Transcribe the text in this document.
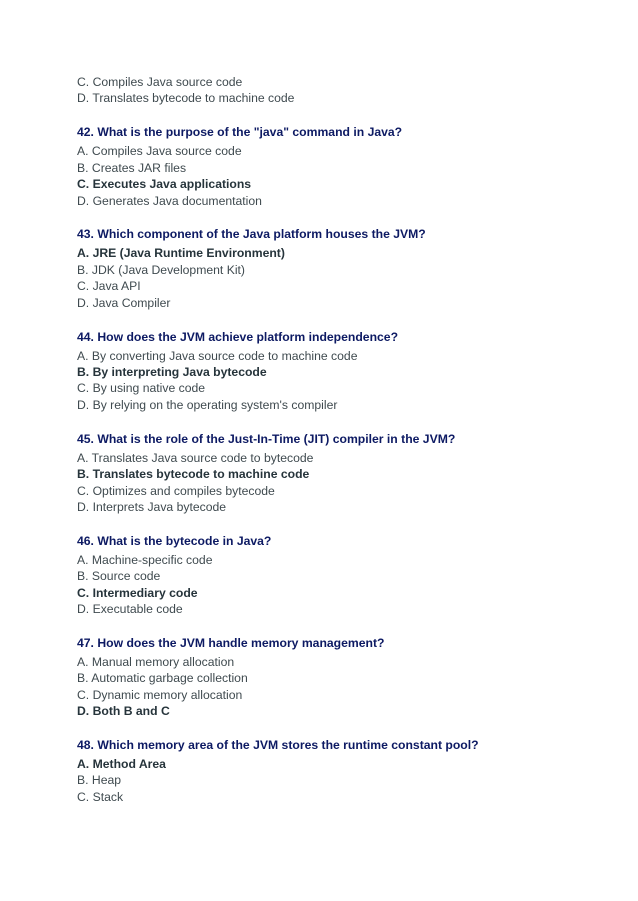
C. Compiles Java source code
D. Translates bytecode to machine code
42. What is the purpose of the "java" command in Java?
A. Compiles Java source code
B. Creates JAR files
C. Executes Java applications
D. Generates Java documentation
43. Which component of the Java platform houses the JVM?
A. JRE (Java Runtime Environment)
B. JDK (Java Development Kit)
C. Java API
D. Java Compiler
44. How does the JVM achieve platform independence?
A. By converting Java source code to machine code
B. By interpreting Java bytecode
C. By using native code
D. By relying on the operating system's compiler
45. What is the role of the Just-In-Time (JIT) compiler in the JVM?
A. Translates Java source code to bytecode
B. Translates bytecode to machine code
C. Optimizes and compiles bytecode
D. Interprets Java bytecode
46. What is the bytecode in Java?
A. Machine-specific code
B. Source code
C. Intermediary code
D. Executable code
47. How does the JVM handle memory management?
A. Manual memory allocation
B. Automatic garbage collection
C. Dynamic memory allocation
D. Both B and C
48. Which memory area of the JVM stores the runtime constant pool?
A. Method Area
B. Heap
C. Stack
